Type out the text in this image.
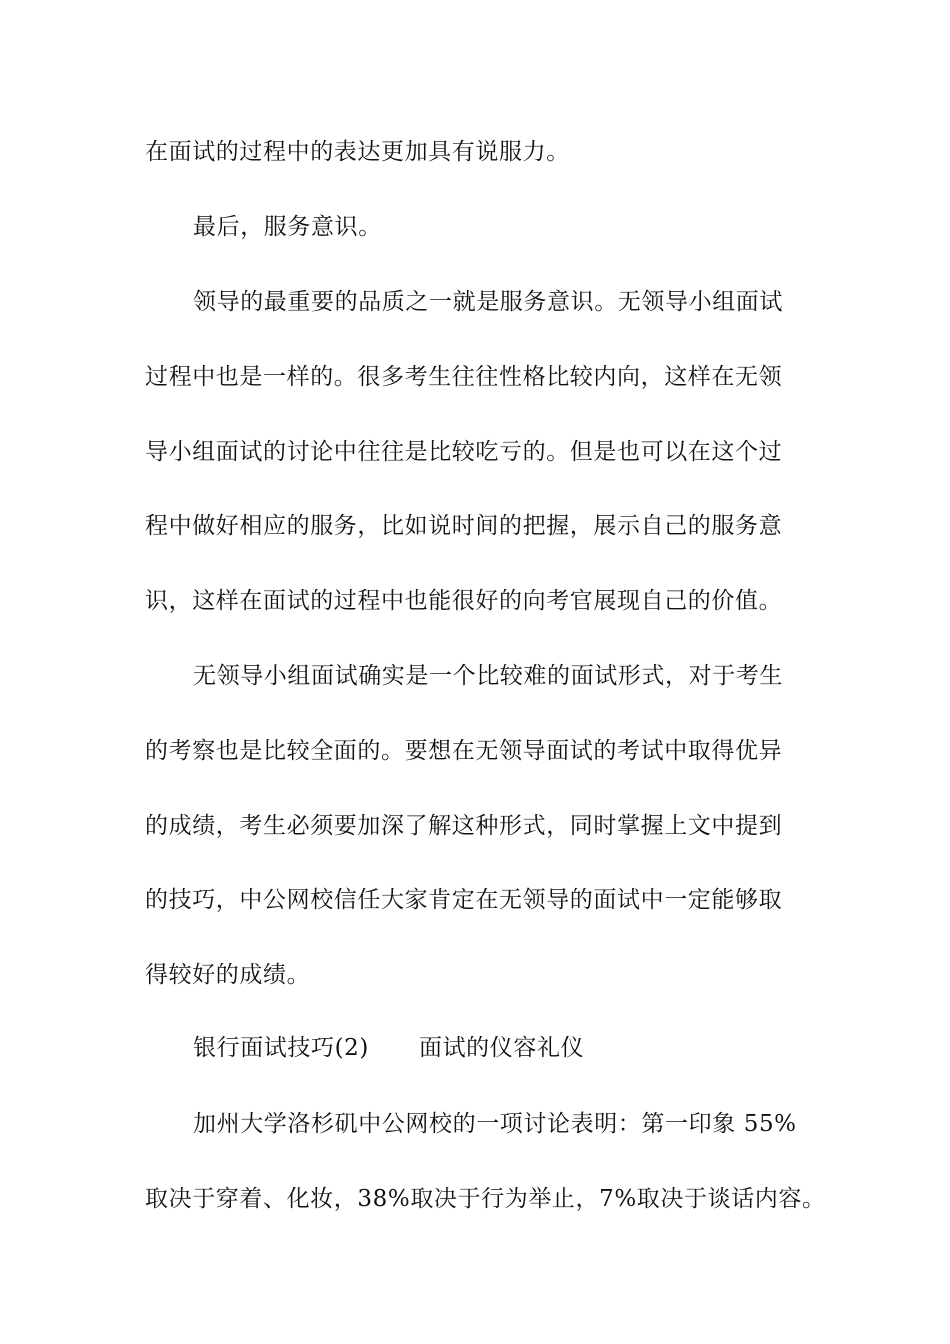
在面试的过程中的表达更加具有说服力。
最后，服务意识。
领导的最重要的品质之一就是服务意识。无领导小组面试
过程中也是一样的。很多考生往往性格比较内向，这样在无领
导小组面试的讨论中往往是比较吃亏的。但是也可以在这个过
程中做好相应的服务，比如说时间的把握，展示自己的服务意
识，这样在面试的过程中也能很好的向考官展现自己的价值。
无领导小组面试确实是一个比较难的面试形式，对于考生
的考察也是比较全面的。要想在无领导面试的考试中取得优异
的成绩，考生必须要加深了解这种形式，同时掌握上文中提到
的技巧，中公网校信任大家肯定在无领导的面试中一定能够取
得较好的成绩。
银行面试技巧(2) 面试的仪容礼仪
加州大学洛杉矶中公网校的一项讨论表明：第一印象 55%
取决于穿着、化妆，38%取决于行为举止，7%取决于谈话内容。
